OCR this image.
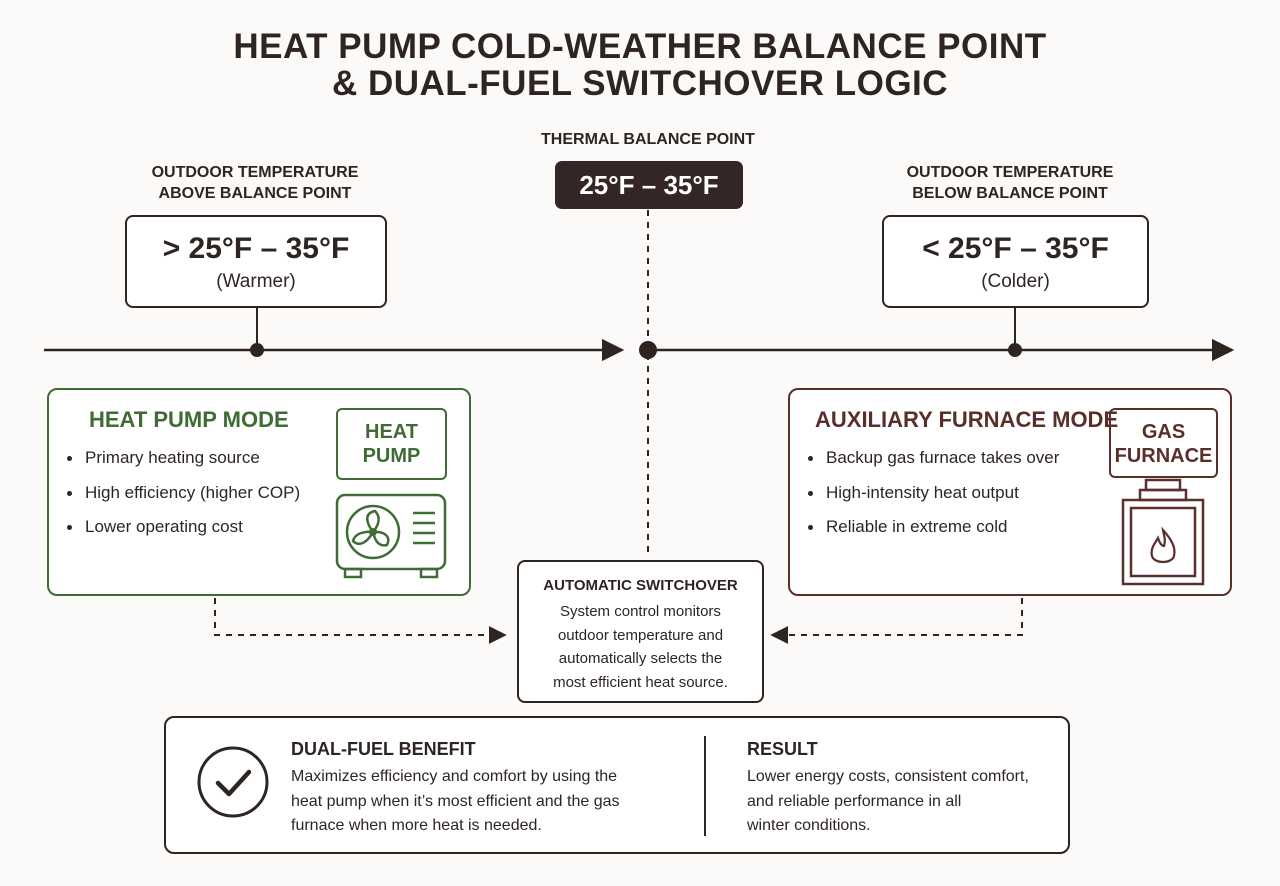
HEAT PUMP COLD-WEATHER BALANCE POINT
& DUAL-FUEL SWITCHOVER LOGIC
THERMAL BALANCE POINT
25°F – 35°F
OUTDOOR TEMPERATURE
ABOVE BALANCE POINT
> 25°F – 35°F
(Warmer)
OUTDOOR TEMPERATURE
BELOW BALANCE POINT
< 25°F – 35°F
(Colder)
HEAT PUMP MODE
Primary heating source
High efficiency (higher COP)
Lower operating cost
HEAT
PUMP
AUXILIARY FURNACE MODE
Backup gas furnace takes over
High-intensity heat output
Reliable in extreme cold
GAS
FURNACE
AUTOMATIC SWITCHOVER
System control monitors
outdoor temperature and
automatically selects the
most efficient heat source.
DUAL-FUEL BENEFIT
Maximizes efficiency and comfort by using the
heat pump when it’s most efficient and the gas
furnace when more heat is needed.
RESULT
Lower energy costs, consistent comfort,
and reliable performance in all
winter conditions.
